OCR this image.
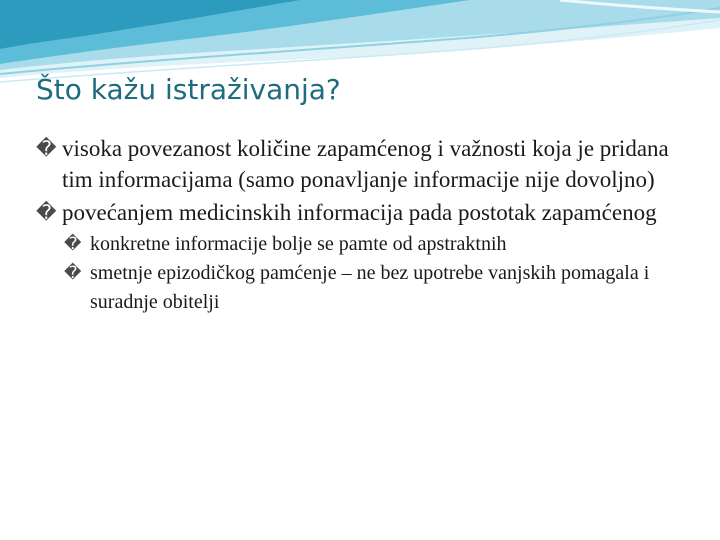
Što kažu istraživanja?
� visoka povezanost količine zapamćenog i važnosti koja je pridana tim informacijama (samo ponavljanje informacije nije dovoljno)
� povećanjem medicinskih informacija pada postotak zapamćenog
� konkretne informacije bolje se pamte od apstraktnih
� smetnje epizodičkog pamćenje – ne bez upotrebe vanjskih pomagala i suradnje obitelji
